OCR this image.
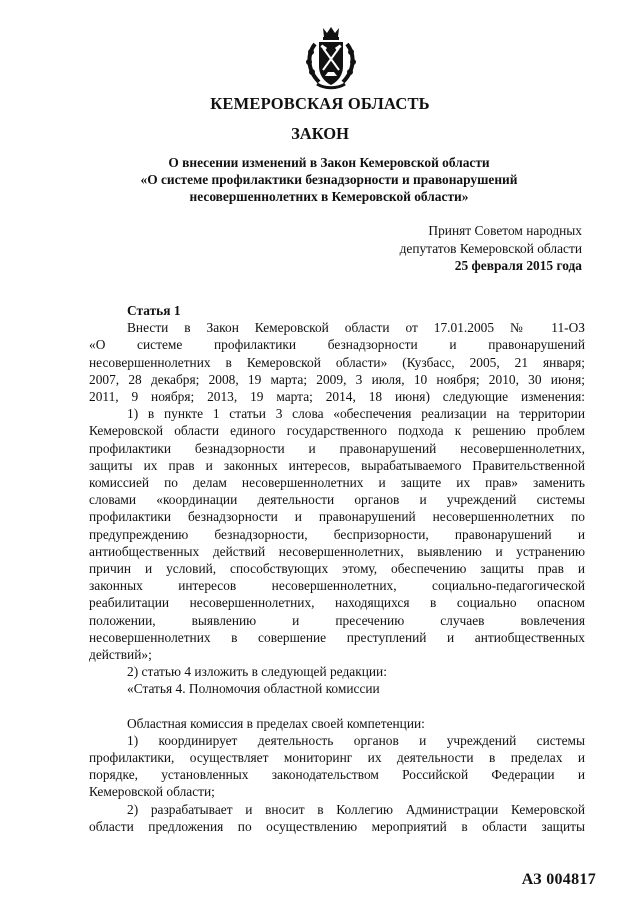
КЕМЕРОВСКАЯ ОБЛАСТЬ
ЗАКОН
О внесении изменений в Закон Кемеровской области
«О системе профилактики безнадзорности и правонарушений
несовершеннолетних в Кемеровской области»
Принят Советом народных
депутатов Кемеровской области
25 февраля 2015 года
Статья 1
Внести в Закон Кемеровской области от 17.01.2005 № 11-ОЗ
«О системе профилактики безнадзорности и правонарушений
несовершеннолетних в Кемеровской области» (Кузбасс, 2005, 21 января;
2007, 28 декабря; 2008, 19 марта; 2009, 3 июля, 10 ноября; 2010, 30 июня;
2011, 9 ноября; 2013, 19 марта; 2014, 18 июня) следующие изменения:
1) в пункте 1 статьи 3 слова «обеспечения реализации на территории
Кемеровской области единого государственного подхода к решению проблем
профилактики безнадзорности и правонарушений несовершеннолетних,
защиты их прав и законных интересов, вырабатываемого Правительственной
комиссией по делам несовершеннолетних и защите их прав» заменить
словами «координации деятельности органов и учреждений системы
профилактики безнадзорности и правонарушений несовершеннолетних по
предупреждению безнадзорности, беспризорности, правонарушений и
антиобщественных действий несовершеннолетних, выявлению и устранению
причин и условий, способствующих этому, обеспечению защиты прав и
законных интересов несовершеннолетних, социально-педагогической
реабилитации несовершеннолетних, находящихся в социально опасном
положении, выявлению и пресечению случаев вовлечения
несовершеннолетних в совершение преступлений и антиобщественных
действий»;
2) статью 4 изложить в следующей редакции:
«Статья 4. Полномочия областной комиссии
Областная комиссия в пределах своей компетенции:
1) координирует деятельность органов и учреждений системы
профилактики, осуществляет мониторинг их деятельности в пределах и
порядке, установленных законодательством Российской Федерации и
Кемеровской области;
2) разрабатывает и вносит в Коллегию Администрации Кемеровской
области предложения по осуществлению мероприятий в области защиты
АЗ 004817
